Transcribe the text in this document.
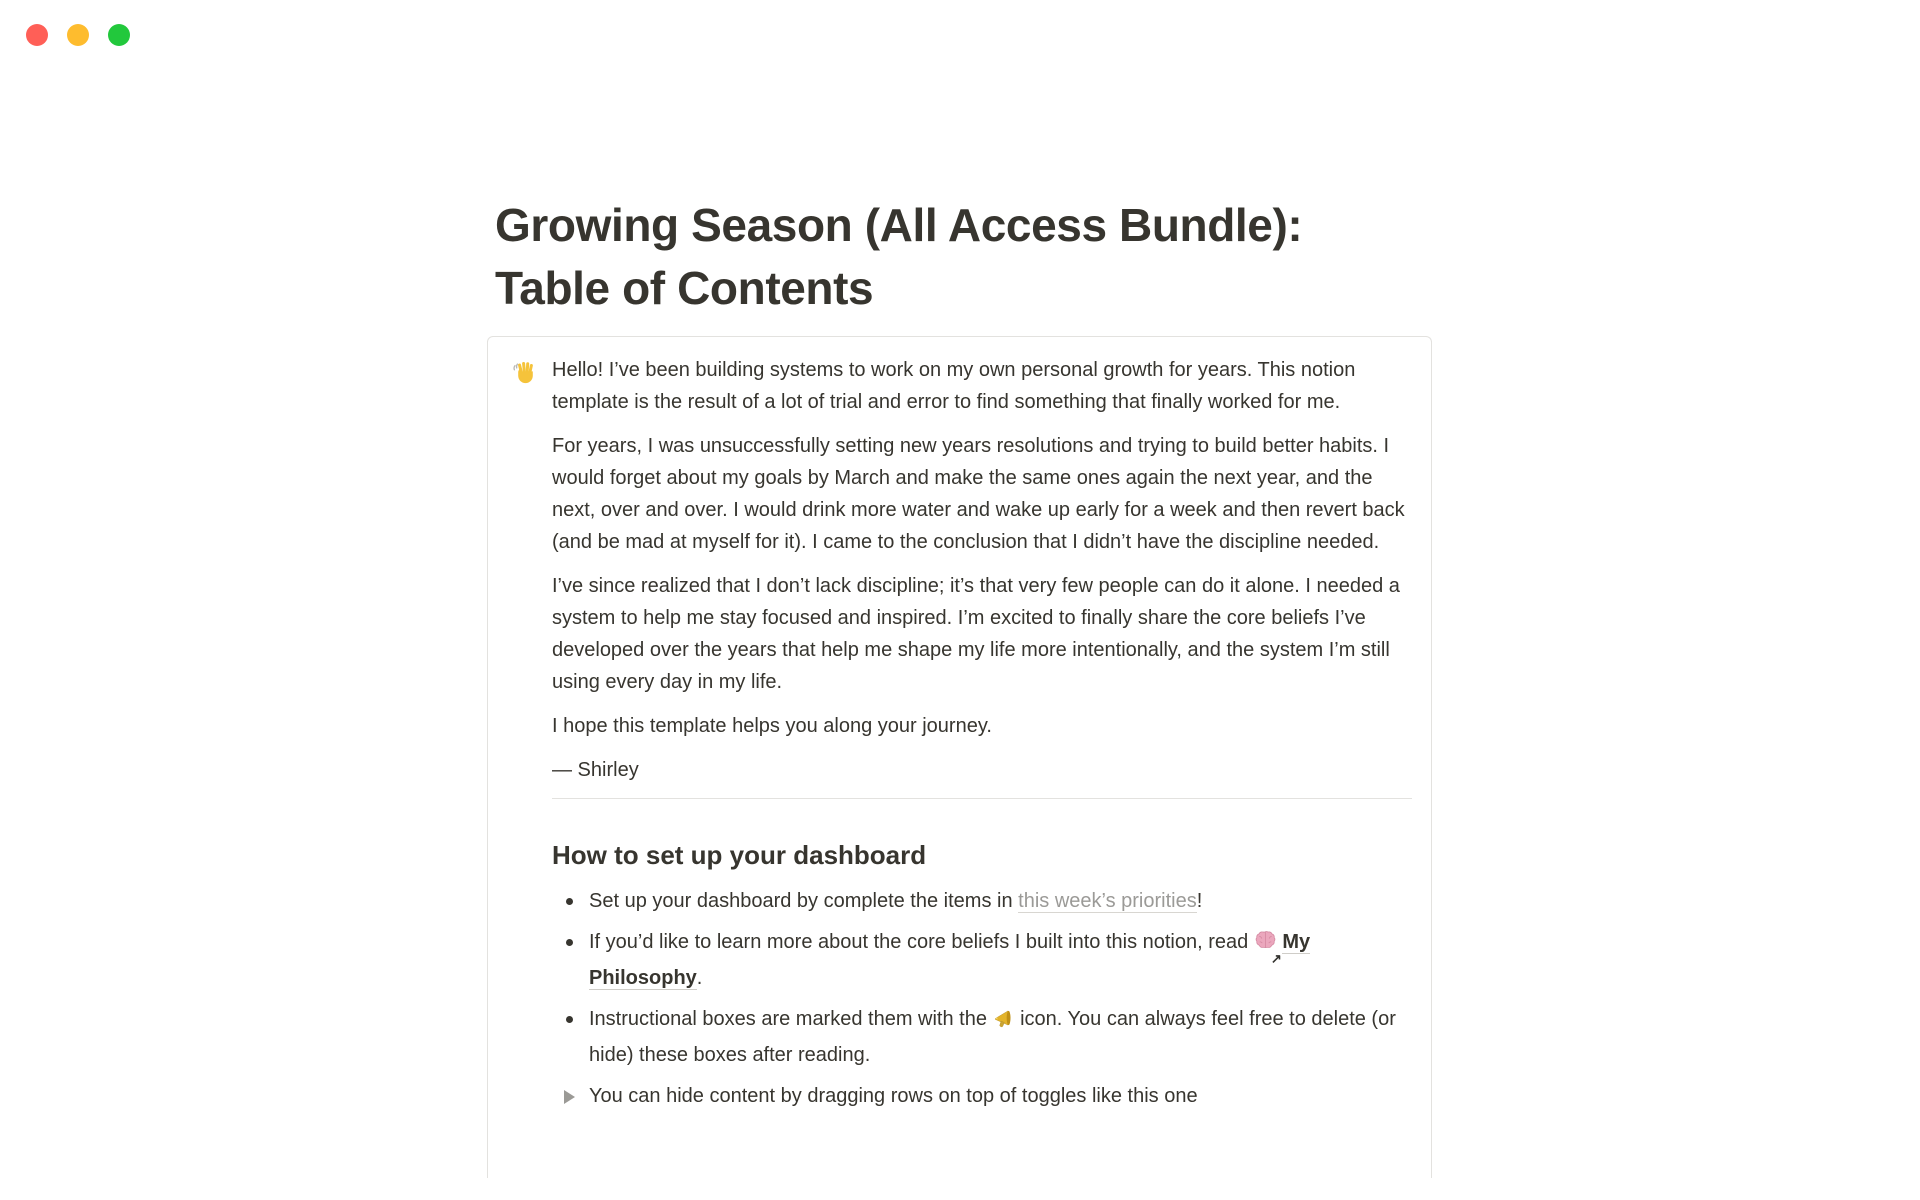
Growing Season (All Access Bundle):
Table of Contents

Hello! I’ve been building systems to work on my own personal growth for years. This notion template is the result of a lot of trial and error to find something that finally worked for me.

For years, I was unsuccessfully setting new years resolutions and trying to build better habits. I would forget about my goals by March and make the same ones again the next year, and the next, over and over. I would drink more water and wake up early for a week and then revert back (and be mad at myself for it). I came to the conclusion that I didn’t have the discipline needed.

I’ve since realized that I don’t lack discipline; it’s that very few people can do it alone. I needed a system to help me stay focused and inspired. I’m excited to finally share the core beliefs I’ve developed over the years that help me shape my life more intentionally, and the system I’m still using every day in my life.

I hope this template helps you along your journey.

— Shirley

How to set up your dashboard
Set up your dashboard by complete the items in this week’s priorities!
If you’d like to learn more about the core beliefs I built into this notion, read
↗
My Philosophy.
Instructional boxes are marked them with the  icon. You can always feel free to delete (or hide) these boxes after reading.
You can hide content by dragging rows on top of toggles like this one
